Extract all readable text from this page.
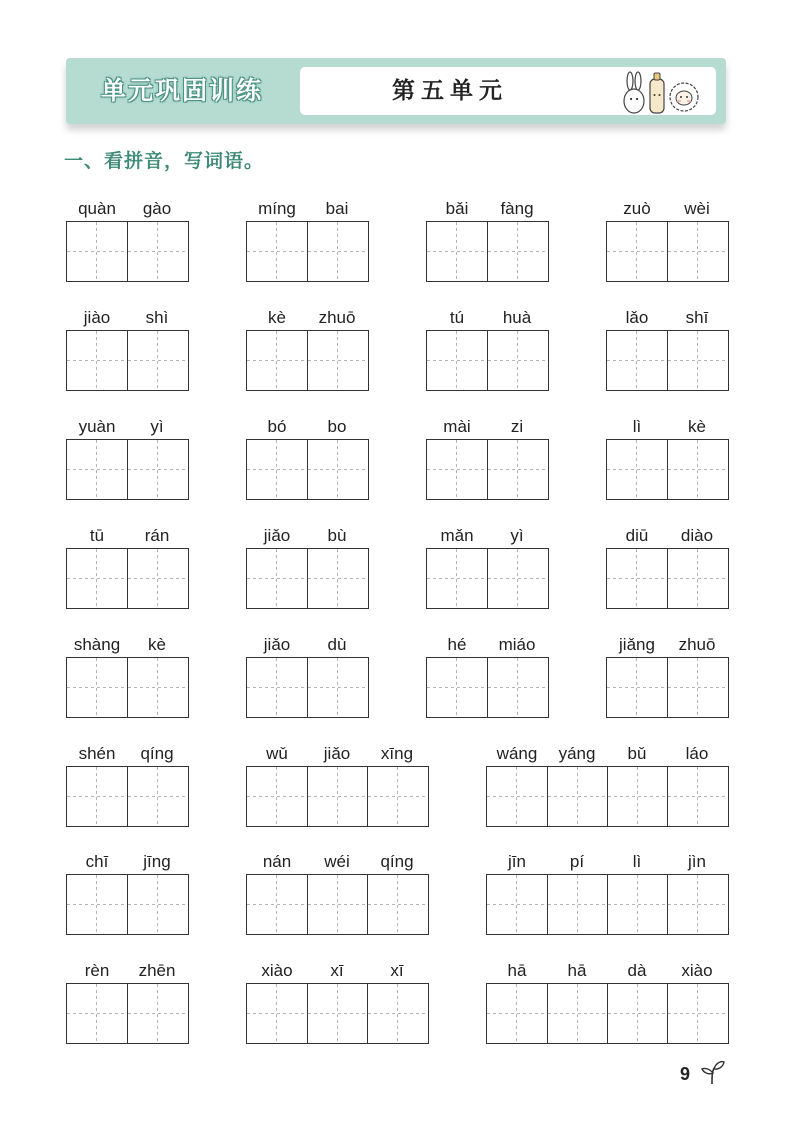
单元巩固训练	第五单元
一、看拼音，写词语。
quàn	gào	míng	bai	bǎi	fàng	zuò	wèi
jiào	shì	kè	zhuō	tú	huà	lǎo	shī
yuàn	yì	bó	bo	mài	zi	lì	kè
tū	rán	jiǎo	bù	mǎn	yì	diū	diào
shàng	kè	jiǎo	dù	hé	miáo	jiǎng	zhuō
shén	qíng	wǔ	jiǎo	xīng	wáng	yáng	bǔ	láo
chī	jīng	nán	wéi	qíng	jīn	pí	lì	jìn
rèn	zhēn	xiào	xī	xī	hā	hā	dà	xiào
9
